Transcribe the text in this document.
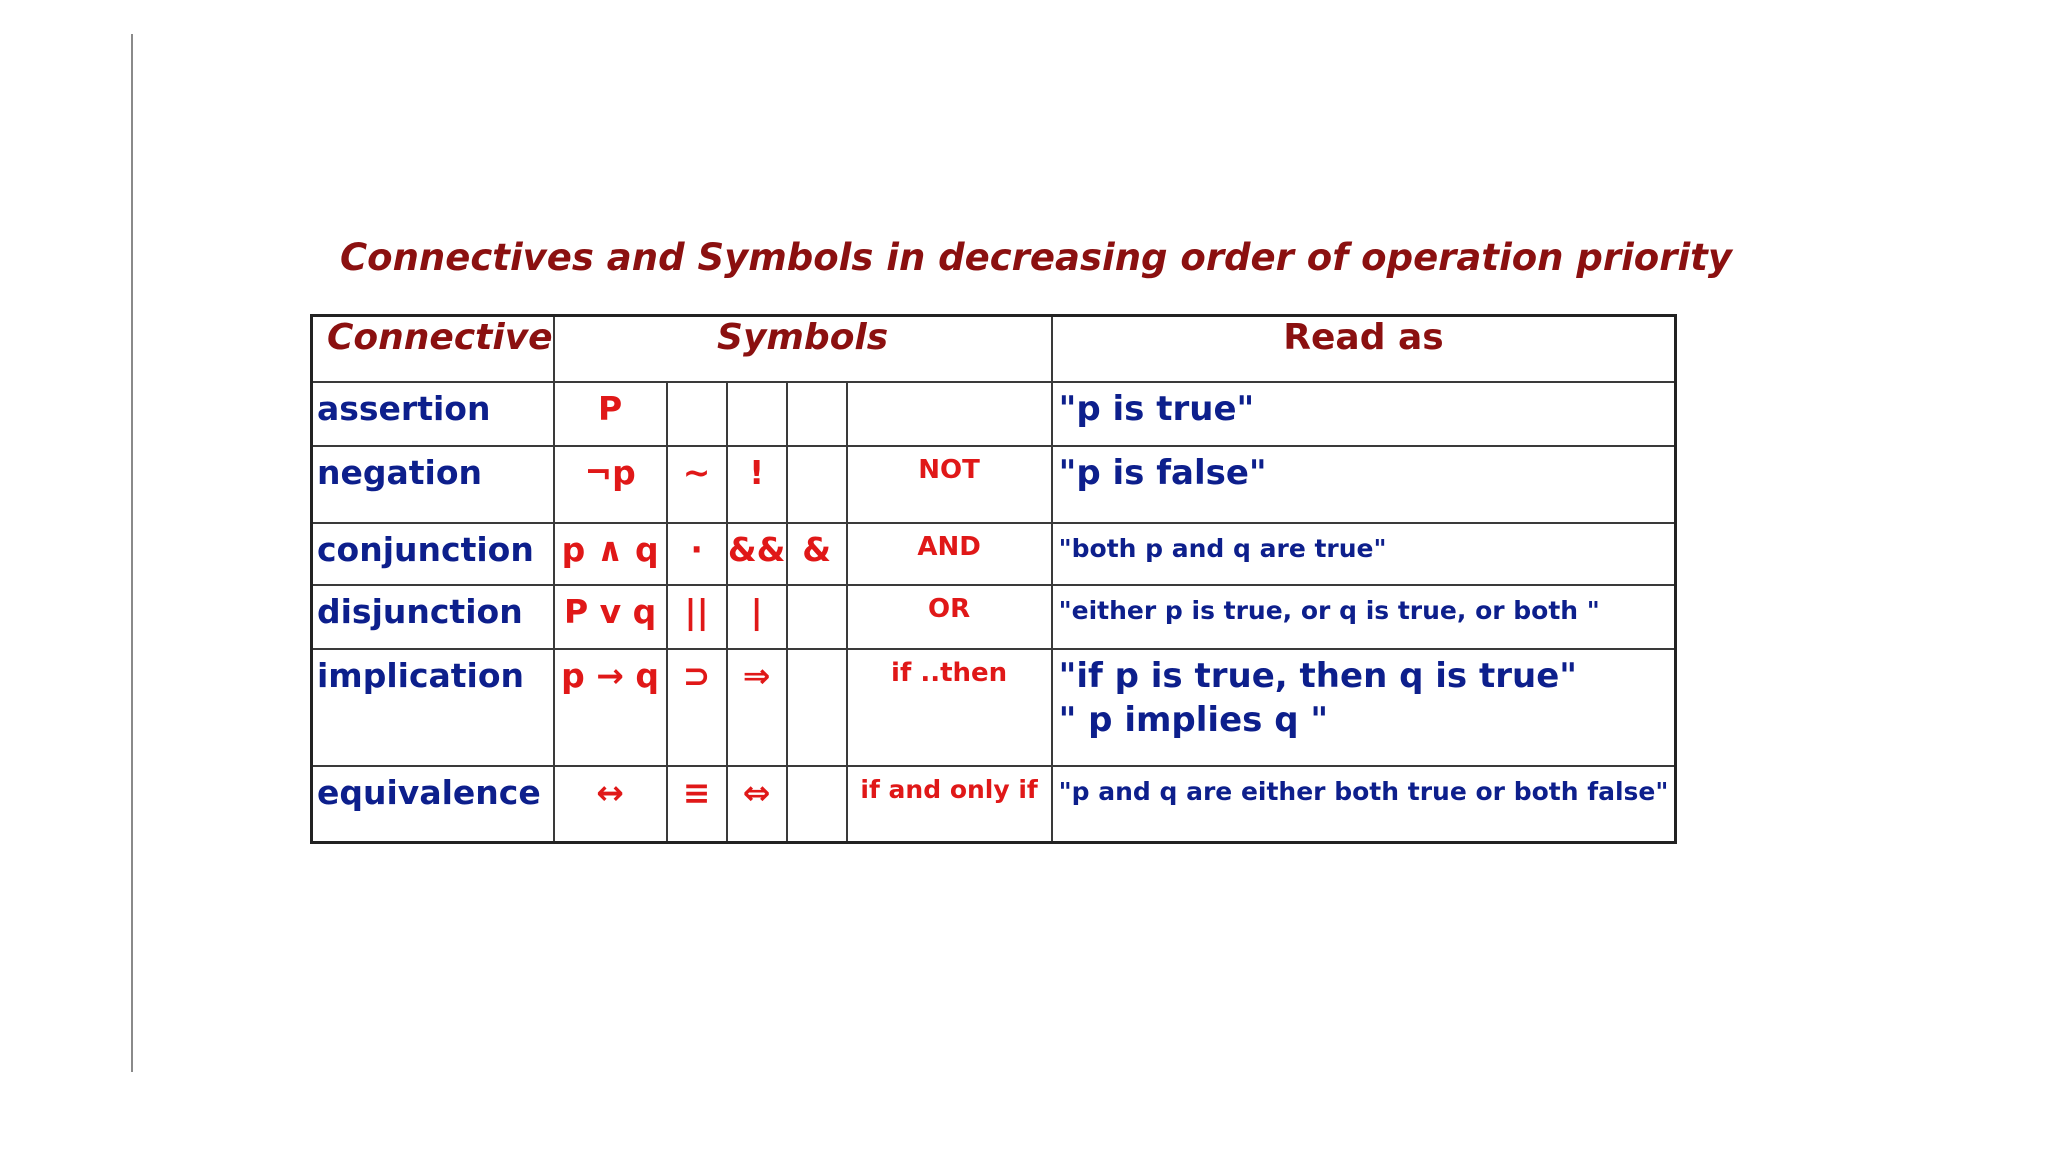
Connectives and Symbols in decreasing order of operation priority
Connective	Symbols					Read as
assertion	P					"p is true"
negation	¬p	~	!		NOT	"p is false"
conjunction	p ∧ q	·	&&	&	AND	"both p and q are true"
disjunction	P v q	||	|		OR	"either p is true, or q is true, or both "
implication	p → q	⊃	⇒		if ..then	"if p is true, then q is true"
" p implies q "

equivalence	↔	≡	⇔		if and only if	"p and q are either both true or both false"
